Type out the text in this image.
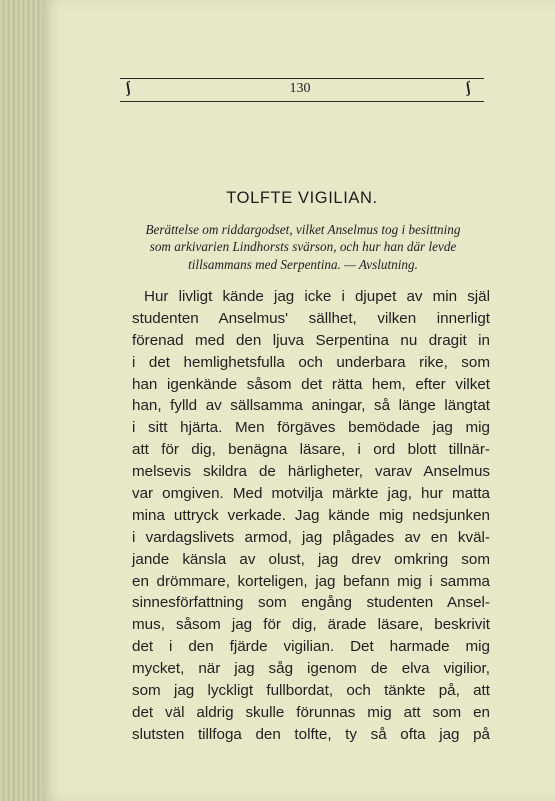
ʃ	130	ʃ
TOLFTE VIGILIAN.
Berättelse om riddargodset, vilket Anselmus tog i besittning
som arkivarien Lindhorsts svärson, och hur han där levde
tillsammans med Serpentina. — Avslutning.
Hur livligt kände jag icke i djupet av min själ
studenten Anselmus' sällhet, vilken innerligt
förenad med den ljuva Serpentina nu dragit in
i det hemlighetsfulla och underbara rike, som
han igenkände såsom det rätta hem, efter vilket
han, fylld av sällsamma aningar, så länge längtat
i sitt hjärta. Men förgäves bemödade jag mig
att för dig, benägna läsare, i ord blott tillnär-
melsevis skildra de härligheter, varav Anselmus
var omgiven. Med motvilja märkte jag, hur matta
mina uttryck verkade. Jag kände mig nedsjunken
i vardagslivets armod, jag plågades av en kväl-
jande känsla av olust, jag drev omkring som
en drömmare, korteligen, jag befann mig i samma
sinnesförfattning som engång studenten Ansel-
mus, såsom jag för dig, ärade läsare, beskrivit
det i den fjärde vigilian. Det harmade mig
mycket, när jag såg igenom de elva vigilior,
som jag lyckligt fullbordat, och tänkte på, att
det väl aldrig skulle förunnas mig att som en
slutsten tillfoga den tolfte, ty så ofta jag på
